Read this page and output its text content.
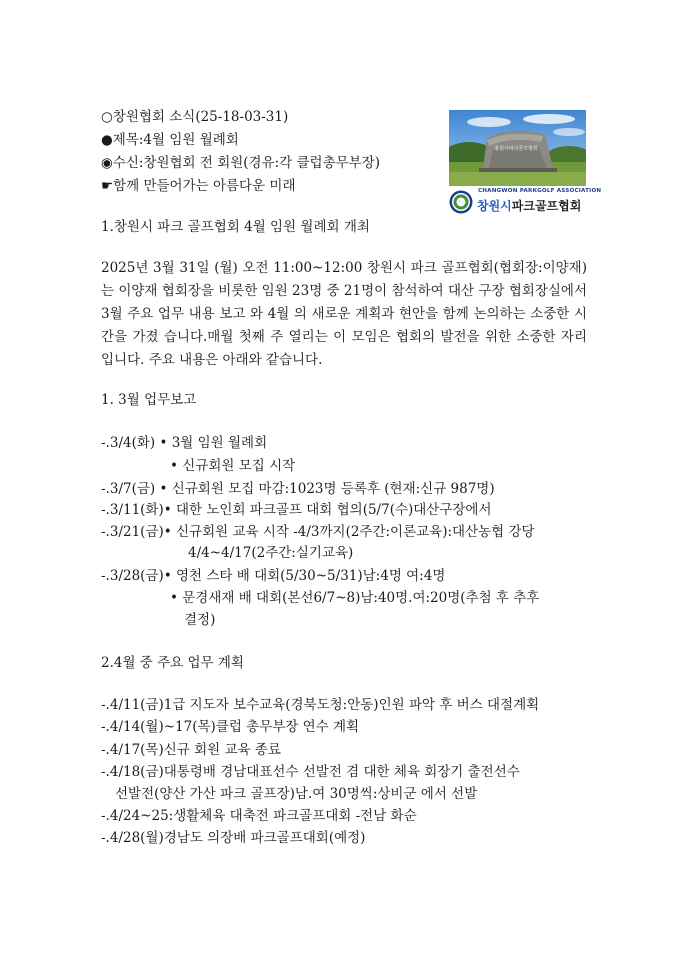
○창원협회 소식(25-18-03-31)
●제목:4월 임원 월례회
◉수신:창원협회 전 회원(경유:각 클럽총무부장)
☛함께 만들어가는 아름다운 미래
창원시파크골프협회
CHANGWON PARKGOLF ASSOCIATION
창원시파크골프협회
1.창원시 파크 골프협회 4월 임원 월례회 개최
2025년 3월 31일 (월) 오전 11:00~12:00 창원시 파크 골프협회(협회장:이양재)는 이양재 협회장을 비롯한 임원 23명 중 21명이 참석하여 대산 구장 협회장실에서 3월 주요 업무 내용 보고 와 4월 의 새로운 계획과 현안을 함께 논의하는 소중한 시간을 가졌 습니다.매월 첫째 주 열리는 이 모임은 협회의 발전을 위한 소중한 자리 입니다. 주요 내용은 아래와 같습니다.
1. 3월 업무보고
-.3/4(화) • 3월 임원 월례회
• 신규회원 모집 시작
-.3/7(금) • 신규회원 모집 마감:1023명 등록후 (현재:신규 987명)
-.3/11(화)• 대한 노인회 파크골프 대회 협의(5/7(수)대산구장에서
-.3/21(금)• 신규회원 교육 시작 -4/3까지(2주간:이론교육):대산농협 강당
4/4~4/17(2주간:실기교육)
-.3/28(금)• 영천 스타 배 대회(5/30~5/31)남:4명 여:4명
• 문경새재 배 대회(본선6/7~8)남:40명.여:20명(추첨 후 추후
결정)
2.4월 중 주요 업무 계획
-.4/11(금)1급 지도자 보수교육(경북도청:안동)인원 파악 후 버스 대절계획
-.4/14(월)~17(목)클럽 총무부장 연수 계획
-.4/17(목)신규 회원 교육 종료
-.4/18(금)대통령배 경남대표선수 선발전 겸 대한 체육 회장기 출전선수
선발전(양산 가산 파크 골프장)남.여 30명씩:상비군 에서 선발
-.4/24~25:생활체육 대축전 파크골프대회 -전남 화순
-.4/28(월)경남도 의장배 파크골프대회(예정)
